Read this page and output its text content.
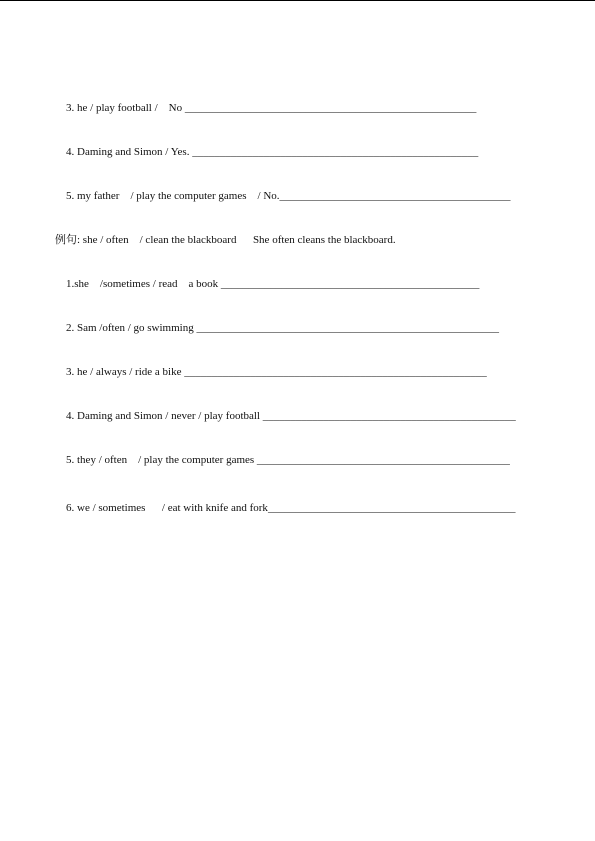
3. he / play football /    No _____________________________________________________
4. Daming and Simon / Yes. ____________________________________________________
5. my father    / play the computer games    / No.__________________________________________
例句: she / often    / clean the blackboard      She often cleans the blackboard.
1.she    /sometimes / read    a book _______________________________________________
2. Sam /often / go swimming _______________________________________________________
3. he / always / ride a bike _______________________________________________________
4. Daming and Simon / never / play football ______________________________________________
5. they / often    / play the computer games ______________________________________________
6. we / sometimes      / eat with knife and fork_____________________________________________
